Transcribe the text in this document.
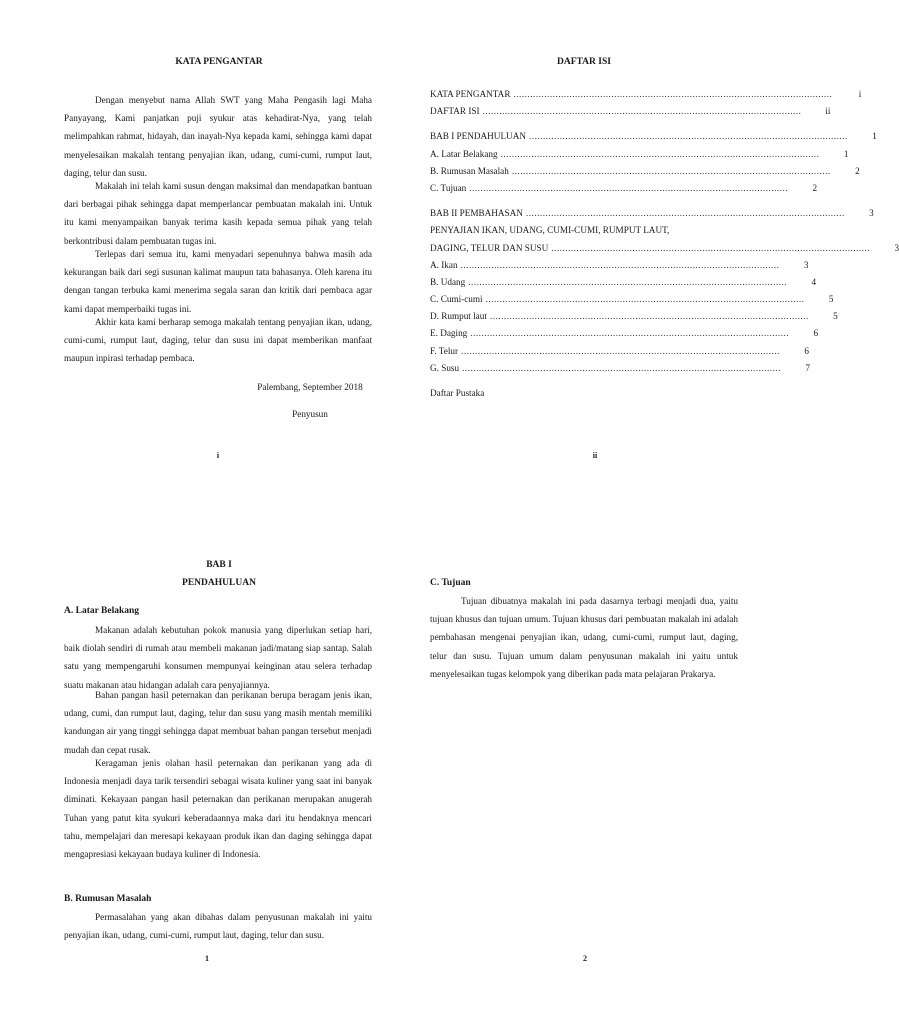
KATA PENGANTAR

Dengan menyebut nama Allah SWT yang Maha Pengasih lagi Maha Panyayang, Kami panjatkan puji syukur atas kehadirat-Nya, yang telah melimpahkan rahmat, hidayah, dan inayah-Nya kepada kami, sehingga kami dapat menyelesaikan makalah tentang penyajian ikan, udang, cumi-cumi, rumput laut, daging, telur dan susu.

Makalah ini telah kami susun dengan maksimal dan mendapatkan bantuan dari berbagai pihak sehingga dapat memperlancar pembuatan makalah ini. Untuk itu kami menyampaikan banyak terima kasih kepada semua pihak yang telah berkontribusi dalam pembuatan tugas ini.

Terlepas dari semua itu, kami menyadari sepenuhnya bahwa masih ada kekurangan baik dari segi susunan kalimat maupun tata bahasanya. Oleh karena itu dengan tangan terbuka kami menerima segala saran dan kritik dari pembaca agar kami dapat memperbaiki tugas ini.

Akhir kata kami berharap semoga makalah tentang penyajian ikan, udang, cumi-cumi, rumput laut, daging, telur dan susu ini dapat memberikan manfaat maupun inpirasi terhadap pembaca.

Palembang, September 2018
Penyusun
i
DAFTAR ISI
KATA PENGANTAR ..................................................................................................................	i
DAFTAR ISI ..................................................................................................................	ii
BAB I PENDAHULUAN ..................................................................................................................	1
A. Latar Belakang ..................................................................................................................	1
B. Rumusan Masalah ..................................................................................................................	2
C. Tujuan ..................................................................................................................	2
BAB II PEMBAHASAN ..................................................................................................................	3
PENYAJIAN IKAN, UDANG, CUMI-CUMI, RUMPUT LAUT,
DAGING, TELUR DAN SUSU ..................................................................................................................	3
A. Ikan ..................................................................................................................	3
B. Udang ..................................................................................................................	4
C. Cumi-cumi ..................................................................................................................	5
D. Rumput laut ..................................................................................................................	5
E. Daging ..................................................................................................................	6
F. Telur ..................................................................................................................	6
G. Susu ..................................................................................................................	7
Daftar Pustaka
ii
BAB I
PENDAHULUAN
A. Latar Belakang

Makanan adalah kebutuhan pokok manusia yang diperlukan setiap hari, baik diolah sendiri di rumah atau membeli makanan jadi/matang siap santap. Salah satu yang mempengaruhi konsumen mempunyai keinginan atau selera terhadap suatu makanan atau hidangan adalah cara penyajiannya.

Bahan pangan hasil peternakan dan perikanan berupa beragam jenis ikan, udang, cumi, dan rumput laut, daging, telur dan susu yang masih mentah memiliki kandungan air yang tinggi sehingga dapat membuat bahan pangan tersebut menjadi mudah dan cepat rusak.

Keragaman jenis olahan hasil peternakan dan perikanan yang ada di Indonesia menjadi daya tarik tersendiri sebagai wisata kuliner yang saat ini banyak diminati. Kekayaan pangan hasil peternakan dan perikanan merupakan anugerah Tuhan yang patut kita syukuri keberadaannya maka dari itu hendaknya mencari tahu, mempelajari dan meresapi kekayaan produk ikan dan daging sehingga dapat mengapresiasi kekayaan budaya kuliner di Indonesia.

B. Rumusan Masalah

Permasalahan yang akan dibahas dalam penyusunan makalah ini yaitu penyajian ikan, udang, cumi-cumi, rumput laut, daging, telur dan susu.

1
C. Tujuan

Tujuan dibuatnya makalah ini pada dasarnya terbagi menjadi dua, yaitu tujuan khusus dan tujuan umum. Tujuan khusus dari pembuatan makalah ini adalah pembahasan mengenai penyajian ikan, udang, cumi-cumi, rumput laut, daging, telur dan susu. Tujuan umum dalam penyusunan makalah ini yaitu untuk menyelesaikan tugas kelompok yang diberikan pada mata pelajaran Prakarya.

2
